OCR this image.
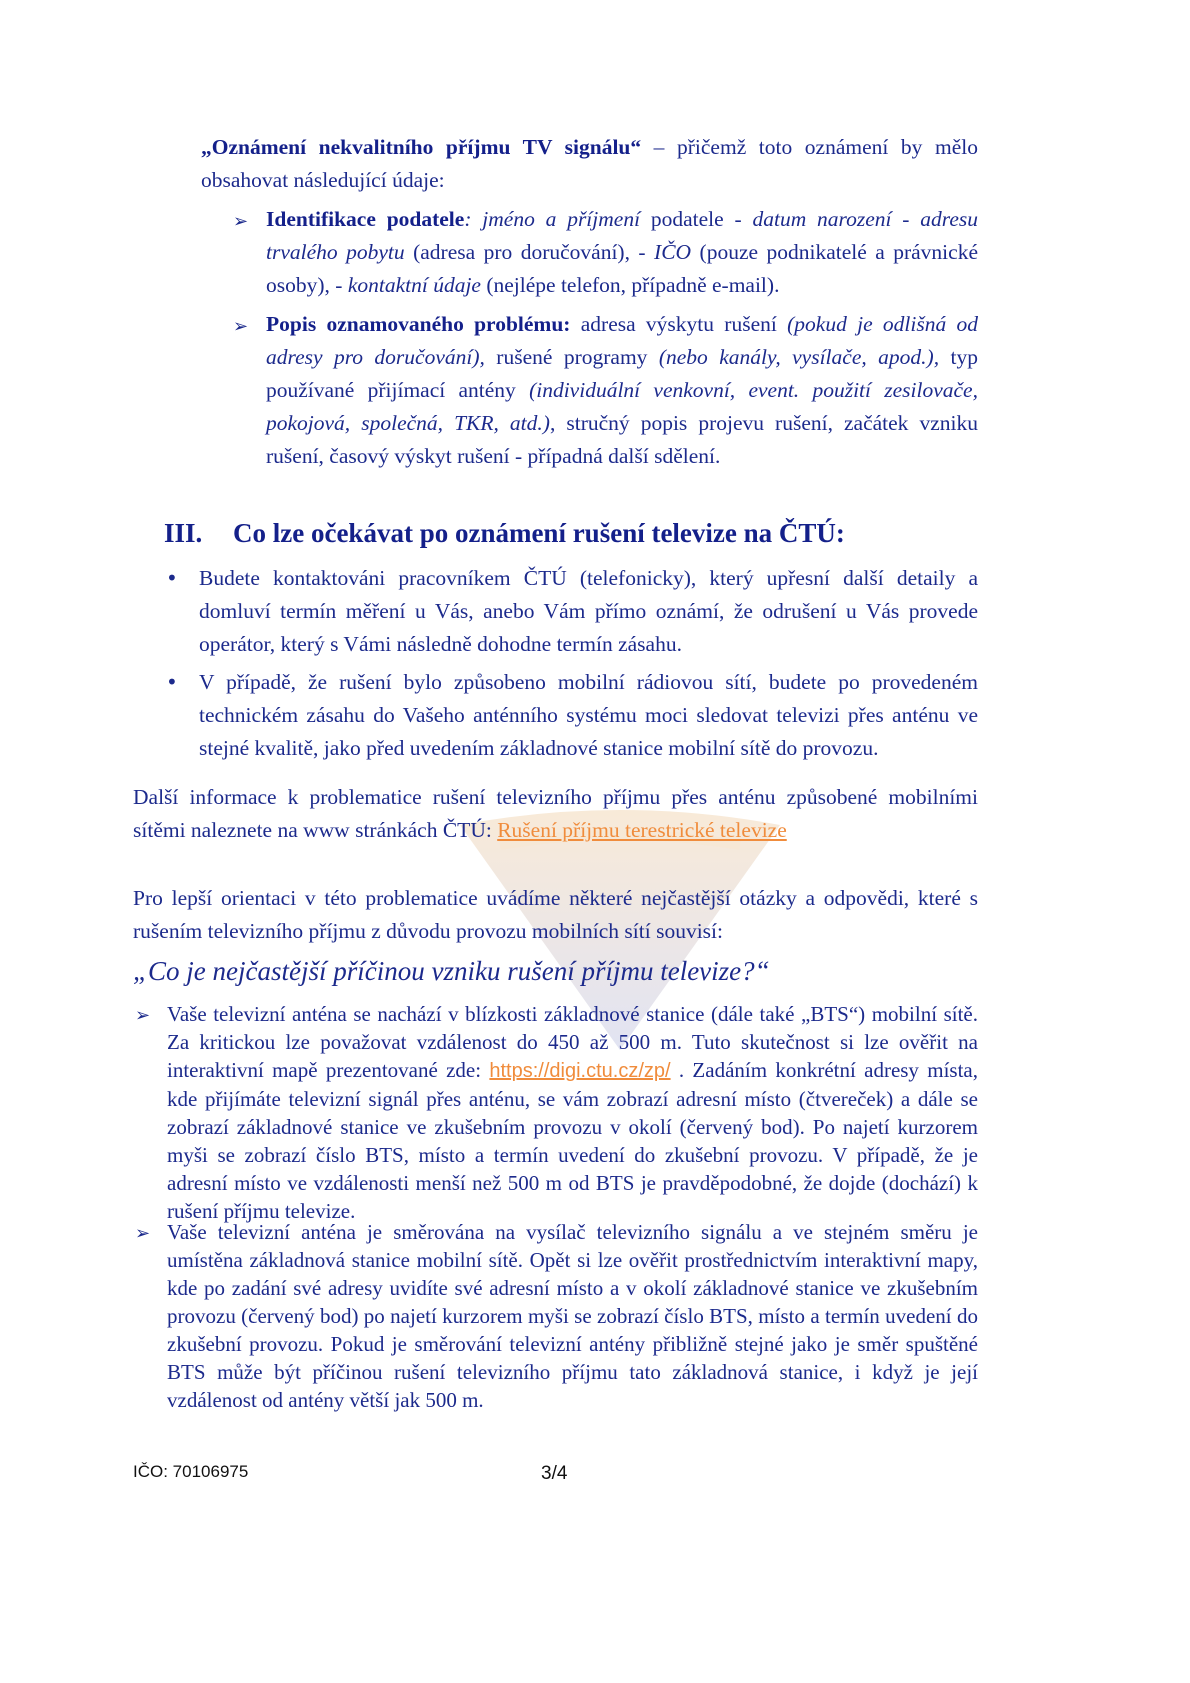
„Oznámení nekvalitního příjmu TV signálu“ – přičemž toto oznámení by mělo obsahovat následující údaje:

➢ Identifikace podatele: jméno a příjmení podatele - datum narození - adresu trvalého pobytu (adresa pro doručování), - IČO (pouze podnikatelé a právnické osoby), - kontaktní údaje (nejlépe telefon, případně e-mail).

➢ Popis oznamovaného problému: adresa výskytu rušení (pokud je odlišná od adresy pro doručování), rušené programy (nebo kanály, vysílače, apod.), typ používané přijímací antény (individuální venkovní, event. použití zesilovače, pokojová, společná, TKR, atd.), stručný popis projevu rušení, začátek vzniku rušení, časový výskyt rušení - případná další sdělení.

III. Co lze očekávat po oznámení rušení televize na ČTÚ:
• Budete kontaktováni pracovníkem ČTÚ (telefonicky), který upřesní další detaily a domluví termín měření u Vás, anebo Vám přímo oznámí, že odrušení u Vás provede operátor, který s Vámi následně dohodne termín zásahu.

• V případě, že rušení bylo způsobeno mobilní rádiovou sítí, budete po provedeném technickém zásahu do Vašeho anténního systému moci sledovat televizi přes anténu ve stejné kvalitě, jako před uvedením základnové stanice mobilní sítě do provozu.

Další informace k problematice rušení televizního příjmu přes anténu způsobené mobilními sítěmi naleznete na www stránkách ČTÚ: Rušení příjmu terestrické televize

Pro lepší orientaci v této problematice uvádíme některé nejčastější otázky a odpovědi, které s rušením televizního příjmu z důvodu provozu mobilních sítí souvisí:

„Co je nejčastější příčinou vzniku rušení příjmu televize?“
➢ Vaše televizní anténa se nachází v blízkosti základnové stanice (dále také „BTS“) mobilní sítě. Za kritickou lze považovat vzdálenost do 450 až 500 m. Tuto skutečnost si lze ověřit na interaktivní mapě prezentované zde: https://digi.ctu.cz/zp/ . Zadáním konkrétní adresy místa, kde přijímáte televizní signál přes anténu, se vám zobrazí adresní místo (čtvereček) a dále se zobrazí základnové stanice ve zkušebním provozu v okolí (červený bod). Po najetí kurzorem myši se zobrazí číslo BTS, místo a termín uvedení do zkušební provozu. V případě, že je adresní místo ve vzdálenosti menší než 500 m od BTS je pravděpodobné, že dojde (dochází) k rušení příjmu televize.

➢ Vaše televizní anténa je směrována na vysílač televizního signálu a ve stejném směru je umístěna základnová stanice mobilní sítě. Opět si lze ověřit prostřednictvím interaktivní mapy, kde po zadání své adresy uvidíte své adresní místo a v okolí základnové stanice ve zkušebním provozu (červený bod) po najetí kurzorem myši se zobrazí číslo BTS, místo a termín uvedení do zkušební provozu. Pokud je směrování televizní antény přibližně stejné jako je směr spuštěné BTS může být příčinou rušení televizního příjmu tato základnová stanice, i když je její vzdálenost od antény větší jak 500 m.

IČO: 70106975	3/4
